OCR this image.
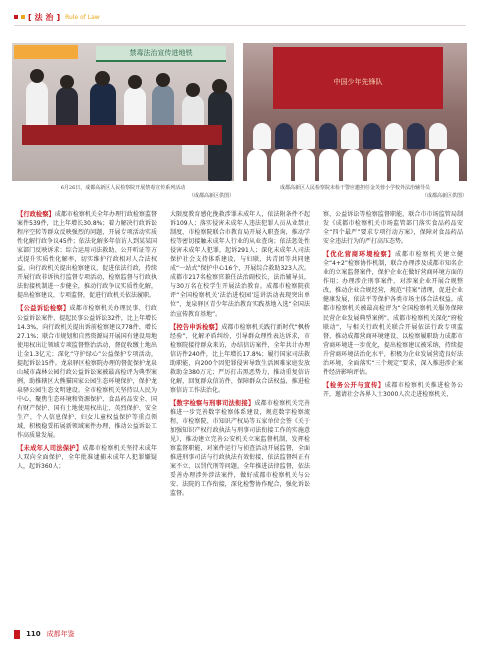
[ 法 治 ] Rule of Law
禁毒法治宣传进地铁
中国少年先锋队
6月26日，成都高新区人民检察院开展禁毒宣传系列活动
（成都高新区供图）
成都高新区人民检察院未检干警应邀担任金芙蓉小学校外法治辅导员
（成都高新区供图）
【行政检察】成都市检察机关全年办理行政检察监督案件539件，比上年增长30.8%；着力解决行政诉讼程序空转等群众反映强烈的问题，开展专项活动实质性化解行政争议45件；依法化解多年信访人到某某国家部门反映诉求；综合运用司法救助、公开听证等方式提升实质性化解率，切实维护行政相对人合法权益，向行政机关提出检察建议，促进依法行政，持续开展行政非诉执行监督专项活动，检察监督与行政执法衔接机制进一步健全，推动行政争议实质性化解，提出检察建议，专项监督，促进行政机关依法履职。
【公益诉讼检察】成都市检察机关办理民事、行政公益诉讼案件，提起民事公益诉讼32件，比上年增长14.3%，向行政机关提出诉前检察建议778件，增长27.1%；联合市规划和自然资源局开展国有建设用地使用权出让领域专项监督整治活动，督促收缴土地出让金1.3亿元；深化“守护绿心”公益保护专项活动，提起诉讼15件。龙泉驿区检察院办理的督促保护龙泉山城市森林公园行政公益诉讼案被最高检评为典型案例，助推辖区大熊猫国家公园生态环境保护，保护龙泉驿公园生态文明建设。全市检察机关坚持以人民为中心，聚焦生态环境和资源保护、食品药品安全、国有财产保护、国有土地使用权出让、英烈保护、安全生产、个人信息保护、妇女儿童权益保护等重点领域，积极稳妥拓展新领域案件办理，推动公益诉讼工作高质量发展。
【未成年人司法保护】成都市检察机关坚持未成年人双向全面保护，全年批准逮捕未成年人犯罪嫌疑人，起诉360人；
大限度教育感化挽救涉罪未成年人，依法附条件不起诉109人；落实侵害未成年人违法犯罪人员从业禁止制度，市检察院联合市教育局开展入职查询，推动学校等密切接触未成年人行业的从业查询；依法惩处性侵害未成年人犯罪，起诉291人；深化未成年人司法保护社会支持体系建设，与妇联、共青团等共同建成“一站式”保护中心16个，开展综合救助323人次。成都市217名检察官兼任法治副校长，法治辅导员，与30万名在校学生开展法治教育。成都市检察院获评“全国检察机关‘法治进校园’巡讲活动表现突出单位”，龙泉驿区青少年法治教育实践基地入选“全国法治宣传教育基地”。
【控告申诉检察】成都市检察机关践行新时代“枫桥经验”，化解矛盾纠纷，引导群众理性表达诉求，市检察院接待群众来访，办结信访案件，全年共计办理信访件240件，比上年增长17.8%；履行国家司法救助职能，向200个因犯罪侵害导致生活困难家庭发放救助金380万元；严厉打击黑恶势力，推动重复信访化解，回复群众信访件，保障群众合法权益，推进检察信访工作法治化。
【数字检察与刑事司法衔接】成都市检察机关完善推进一步完善数字检察体系建设，规范数字检察流程，市检察院、市知识产权局等五家单位会签《关于加强知识产权行政执法与刑事司法衔接工作的实施意见》，推动建立完善公安机关立案监督机制，发挥检察监督职能，对案件运行与侦查活动开展监督，全面推进刑事司法与行政执法有效衔接，依法监督纠正有案不立、以罚代刑等问题，全年推进法律监督，依法妥善办理涉外涉法案件，做好成都市检察机关与公安、法院的工作衔接，深化检警协作配合，强化诉讼监督。
察，公益诉讼等检察监督职能，联合市市场监管局制发《成都市检察机关市场监管部门落实食品药品安全“四个最严”要求专项行动方案》，保障对食品药品安全违法行为的严打高压态势。
【优化营商环境检察】成都市检察机关建立健全“4+2”检察协作机制，联合办理涉及成都市知名企业的立案监督案件，保护企业在做好营商环境方面的作用；办理涉企刑事案件，对涉案企业开展合规整改，推动企业合规经营，规范“挂案”清理，促进企业健康发展，依法平等保护各类市场主体合法权益。成都市检察机关被最高检评为“全国检察机关服务保障民营企业发展典型案例”。成都市检察机关深化“府检联动”，与相关行政机关联合开展依法行政专项监督，推动成都营商环境建设，以检察履职助力成都市营商环境进一步优化，提出检察建议被采纳，持续提升营商环境法治化水平，积极为企业发展营造良好法治环境，全面落实“三个规定”要求，深入推进涉企案件经济影响评估。
【检务公开与宣传】成都市检察机关推进检务公开，邀请社会各界人士3000人次走进检察机关，
110 成都年鉴
